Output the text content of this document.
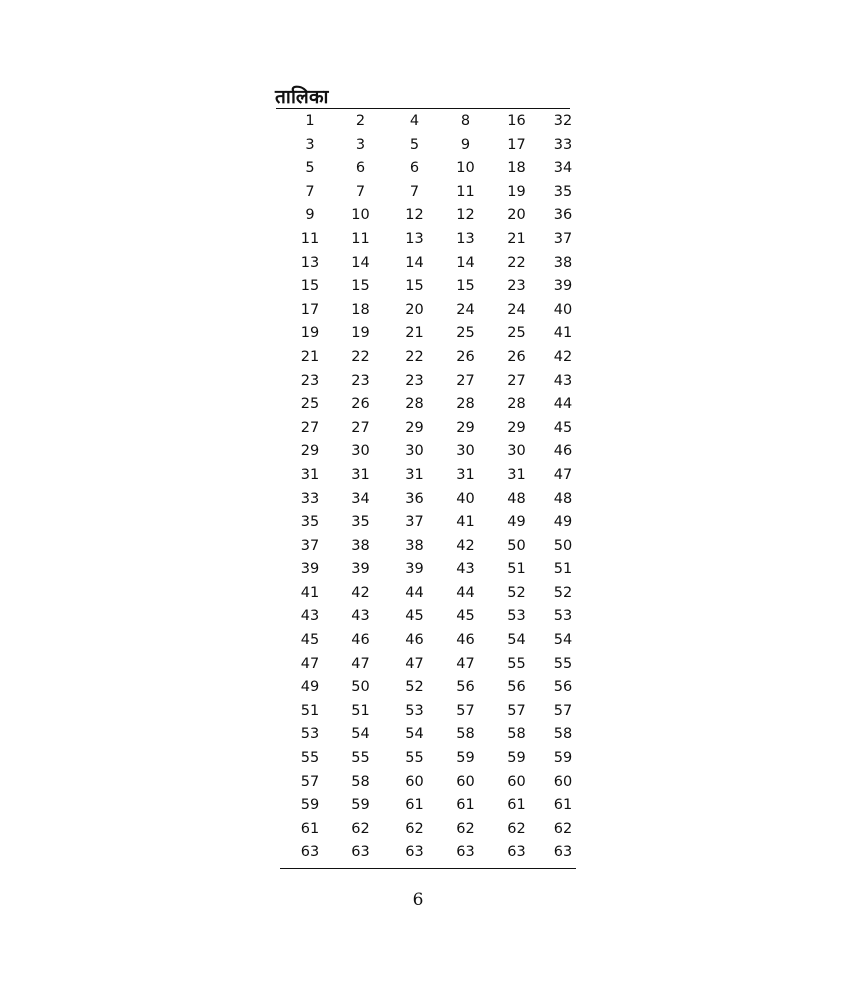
तालिका
1	2	4	8	16	32
3	3	5	9	17	33
5	6	6	10	18	34
7	7	7	11	19	35
9	10	12	12	20	36
11	11	13	13	21	37
13	14	14	14	22	38
15	15	15	15	23	39
17	18	20	24	24	40
19	19	21	25	25	41
21	22	22	26	26	42
23	23	23	27	27	43
25	26	28	28	28	44
27	27	29	29	29	45
29	30	30	30	30	46
31	31	31	31	31	47
33	34	36	40	48	48
35	35	37	41	49	49
37	38	38	42	50	50
39	39	39	43	51	51
41	42	44	44	52	52
43	43	45	45	53	53
45	46	46	46	54	54
47	47	47	47	55	55
49	50	52	56	56	56
51	51	53	57	57	57
53	54	54	58	58	58
55	55	55	59	59	59
57	58	60	60	60	60
59	59	61	61	61	61
61	62	62	62	62	62
63	63	63	63	63	63
6
